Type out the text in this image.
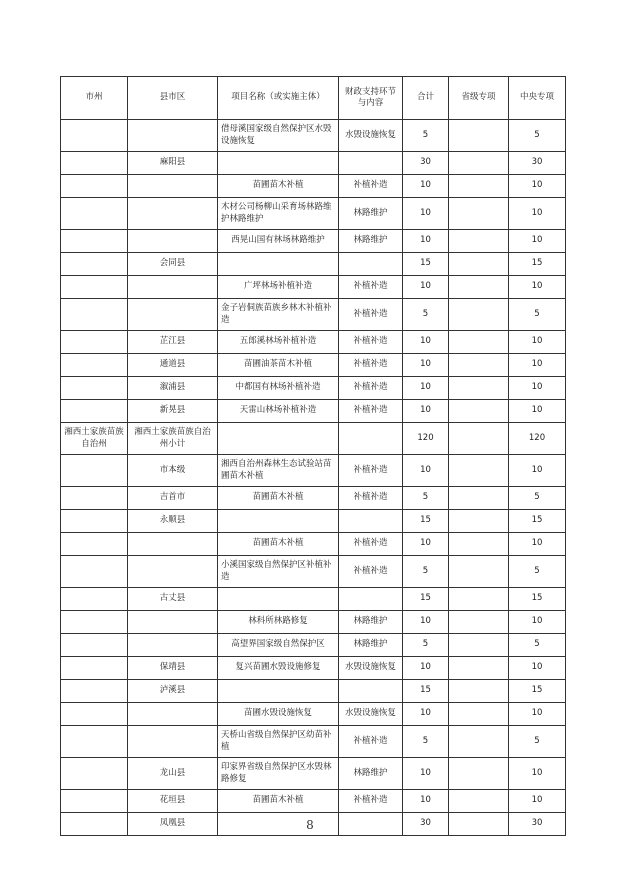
市州	县市区	项目名称（或实施主体）	财政支持环节与内容	合计	省级专项	中央专项
		借母溪国家级自然保护区水毁设施恢复	水毁设施恢复	5		5
	麻阳县			30		30
		苗圃苗木补植	补植补造	10		10
		木材公司杨柳山采育场林路维护林路维护	林路维护	10		10
		西晃山国有林场林路维护	林路维护	10		10
	会同县			15		15
		广坪林场补植补造	补植补造	10		10
		金子岩侗族苗族乡林木补植补造	补植补造	5		5
	芷江县	五郎溪林场补植补造	补植补造	10		10
	通道县	苗圃油茶苗木补植	补植补造	10		10
	溆浦县	中都国有林场补植补造	补植补造	10		10
	新晃县	天雷山林场补植补造	补植补造	10		10
湘西土家族苗族自治州	湘西土家族苗族自治州小计			120		120
	市本级	湘西自治州森林生态试验站苗圃苗木补植	补植补造	10		10
	吉首市	苗圃苗木补植	补植补造	5		5
	永顺县			15		15
		苗圃苗木补植	补植补造	10		10
		小溪国家级自然保护区补植补造	补植补造	5		5
	古丈县			15		15
		林科所林路修复	林路维护	10		10
		高望界国家级自然保护区	林路维护	5		5
	保靖县	复兴苗圃水毁设施修复	水毁设施恢复	10		10
	泸溪县			15		15
		苗圃水毁设施恢复	水毁设施恢复	10		10
		天桥山省级自然保护区幼苗补植	补植补造	5		5
	龙山县	印家界省级自然保护区水毁林路修复	林路维护	10		10
	花垣县	苗圃苗木补植	补植补造	10		10
	凤凰县			30		30
8
